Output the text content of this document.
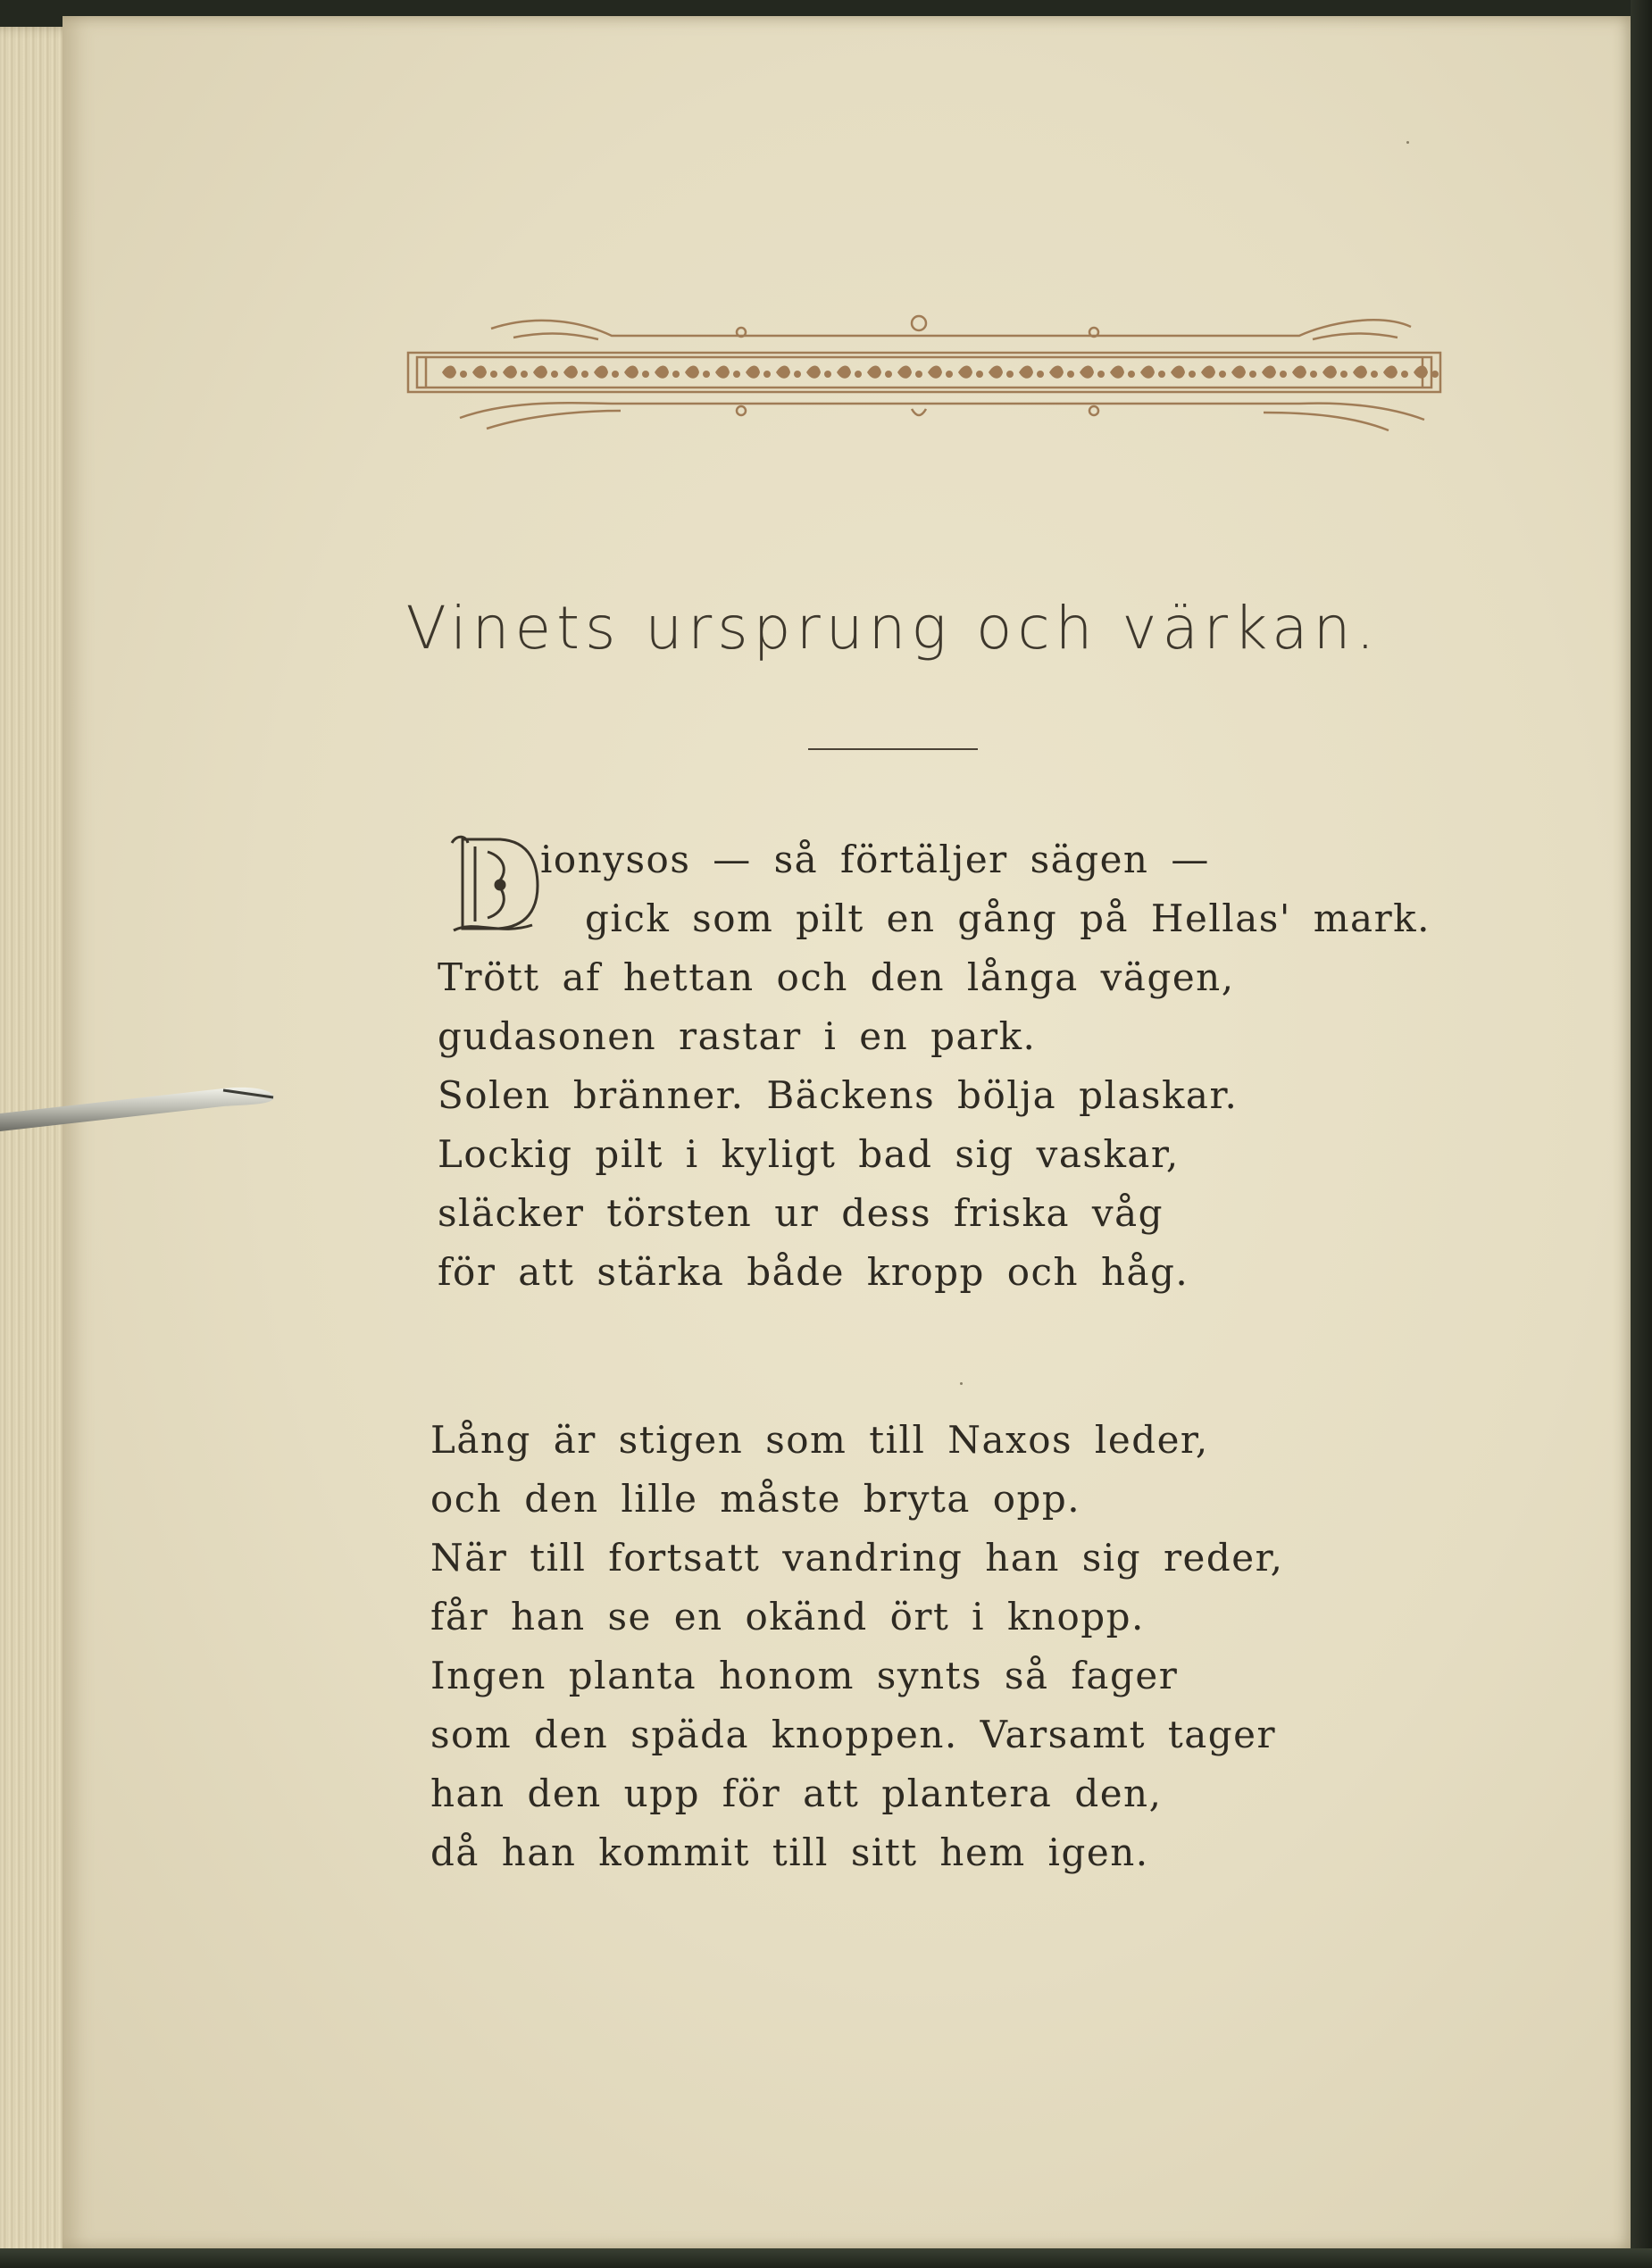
Vinets ursprung och värkan.
ionysos — så förtäljer sägen —
gick som pilt en gång på Hellas' mark.
Trött af hettan och den långa vägen,
gudasonen rastar i en park.
Solen bränner. Bäckens bölja plaskar.
Lockig pilt i kyligt bad sig vaskar,
släcker törsten ur dess friska våg
för att stärka både kropp och håg.
Lång är stigen som till Naxos leder,
och den lille måste bryta opp.
När till fortsatt vandring han sig reder,
får han se en okänd ört i knopp.
Ingen planta honom synts så fager
som den späda knoppen. Varsamt tager
han den upp för att plantera den,
då han kommit till sitt hem igen.
